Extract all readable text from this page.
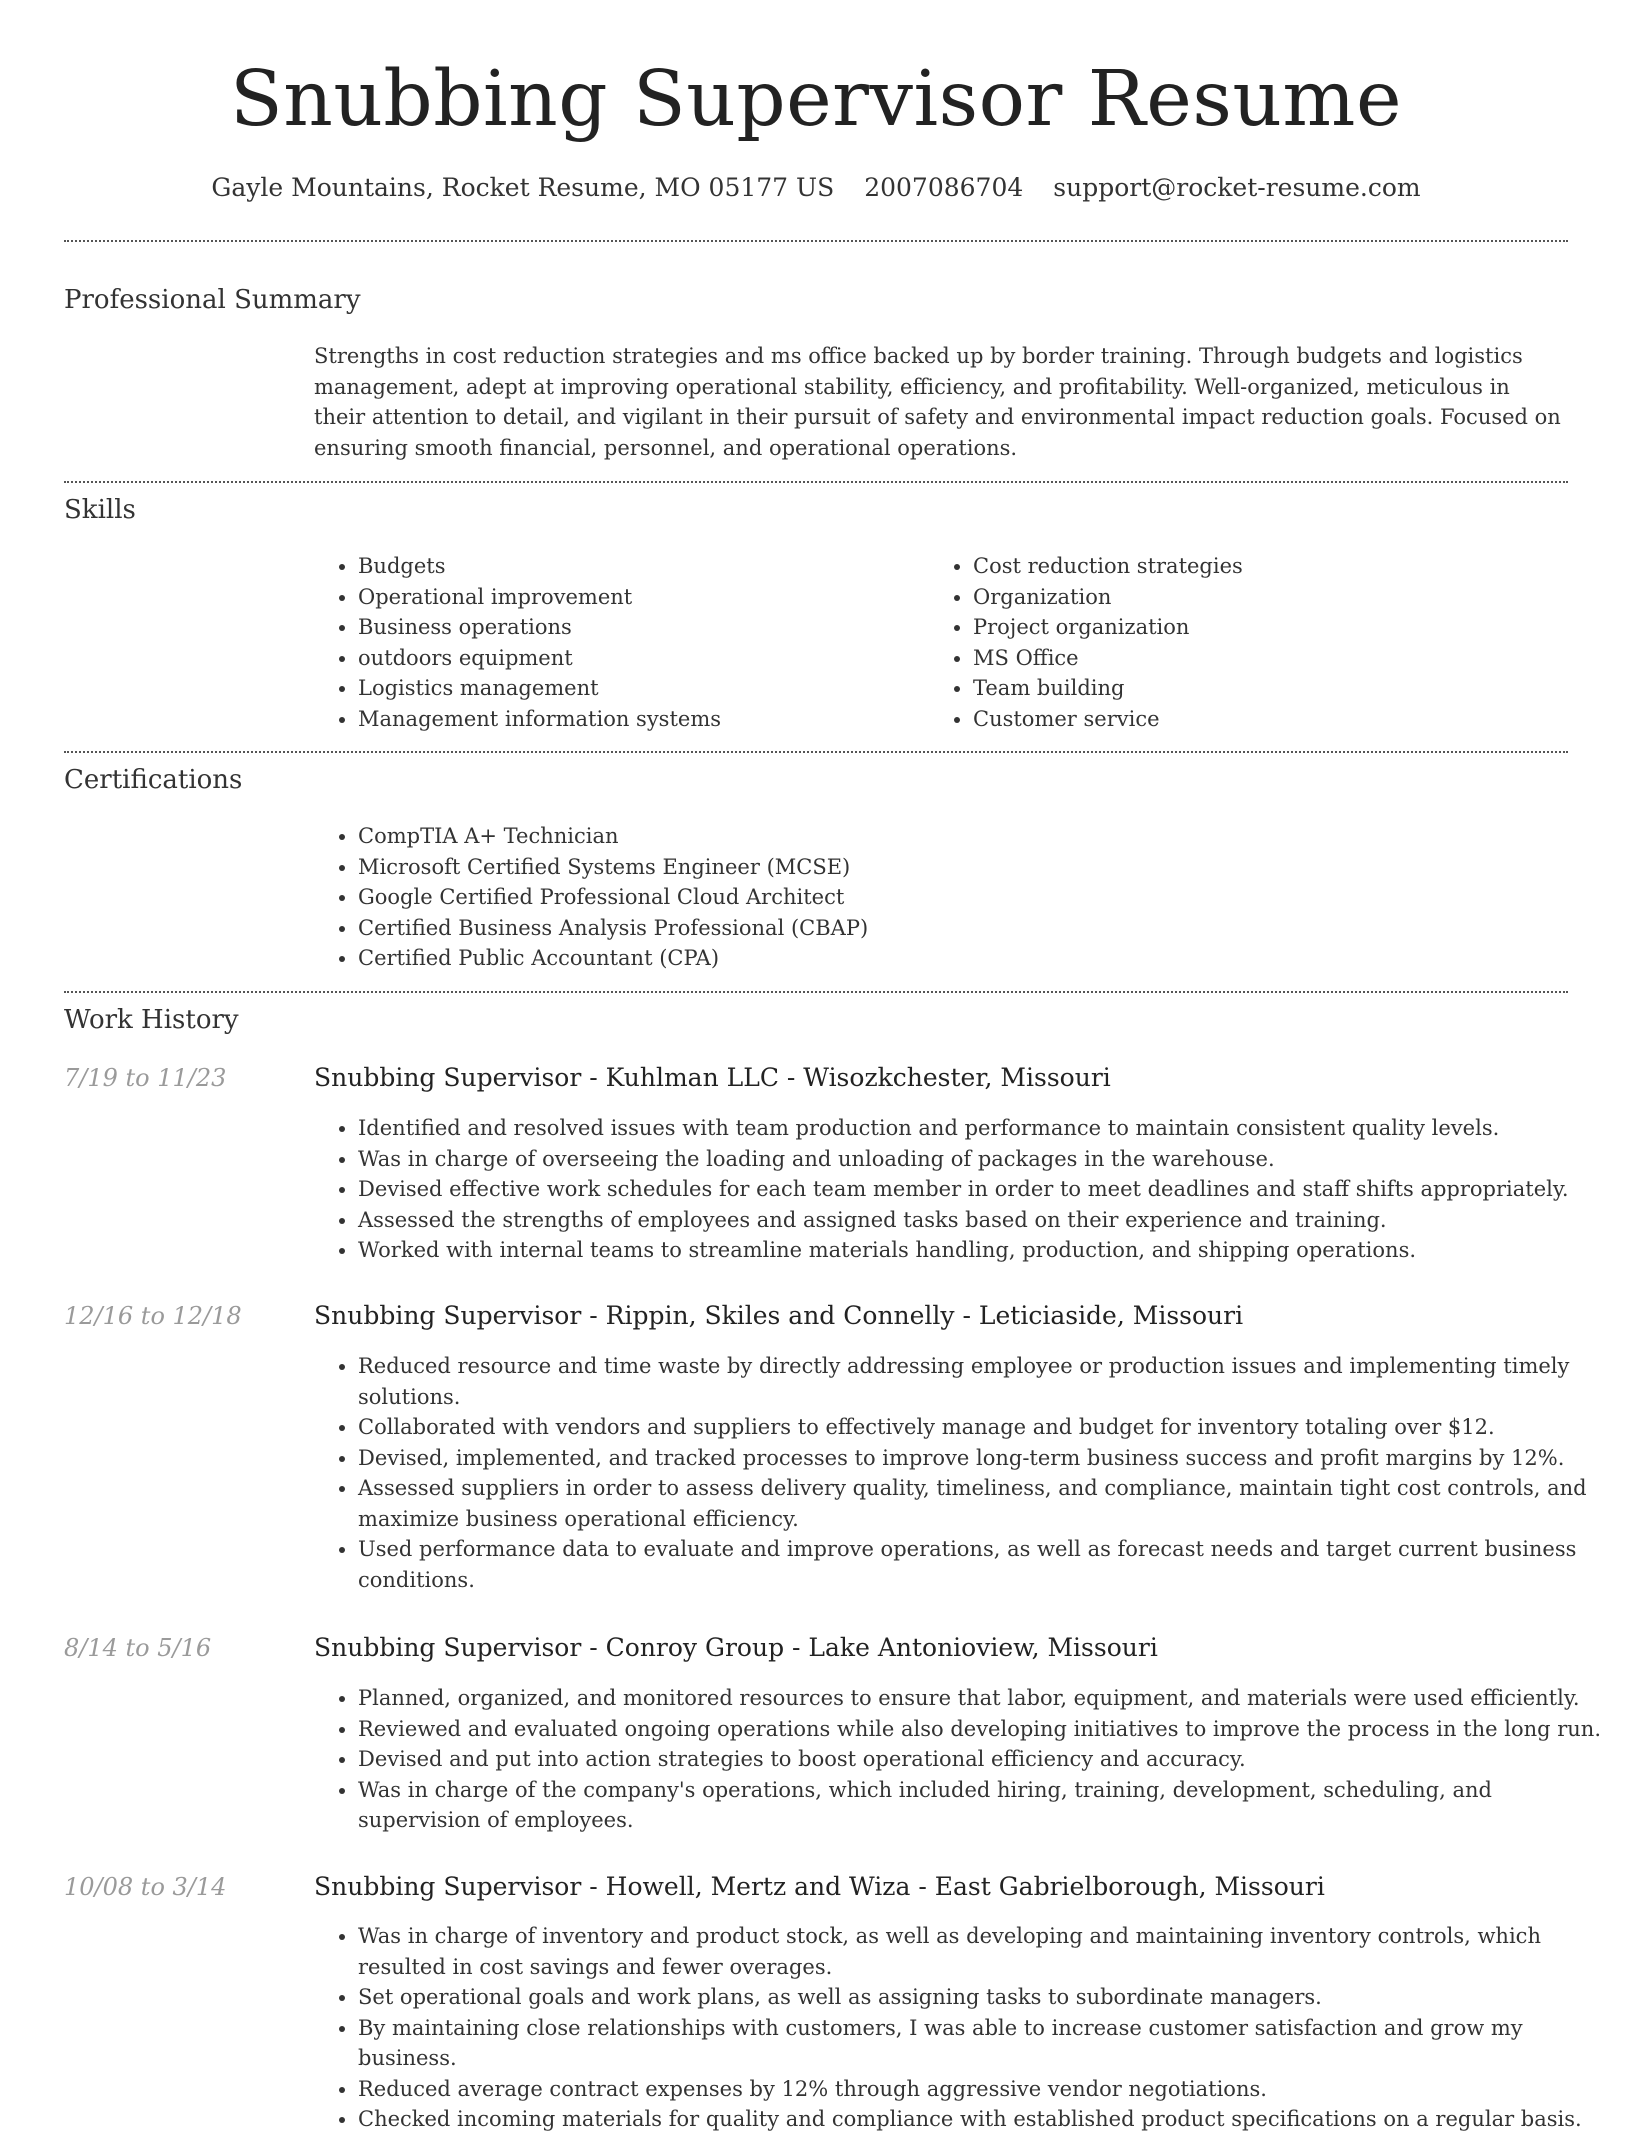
Snubbing Supervisor Resume
Gayle Mountains, Rocket Resume, MO 05177 US 2007086704 support@rocket-resume.com
Professional Summary

Strengths in cost reduction strategies and ms office backed up by border training. Through budgets and logistics management, adept at improving operational stability, efficiency, and profitability. Well-organized, meticulous in their attention to detail, and vigilant in their pursuit of safety and environmental impact reduction goals. Focused on ensuring smooth financial, personnel, and operational operations.

Skills
• Budgets
• Operational improvement
• Business operations
• outdoors equipment
• Logistics management
• Management information systems
• Cost reduction strategies
• Organization
• Project organization
• MS Office
• Team building
• Customer service
Certifications
• CompTIA A+ Technician
• Microsoft Certified Systems Engineer (MCSE)
• Google Certified Professional Cloud Architect
• Certified Business Analysis Professional (CBAP)
• Certified Public Accountant (CPA)
Work History
7/19 to 11/23	Snubbing Supervisor - Kuhlman LLC - Wisozkchester, Missouri
• Identified and resolved issues with team production and performance to maintain consistent quality levels.
• Was in charge of overseeing the loading and unloading of packages in the warehouse.
• Devised effective work schedules for each team member in order to meet deadlines and staff shifts appropriately.
• Assessed the strengths of employees and assigned tasks based on their experience and training.
• Worked with internal teams to streamline materials handling, production, and shipping operations.
12/16 to 12/18	Snubbing Supervisor - Rippin, Skiles and Connelly - Leticiaside, Missouri
• Reduced resource and time waste by directly addressing employee or production issues and implementing timely solutions.
• Collaborated with vendors and suppliers to effectively manage and budget for inventory totaling over $12.
• Devised, implemented, and tracked processes to improve long-term business success and profit margins by 12%.
• Assessed suppliers in order to assess delivery quality, timeliness, and compliance, maintain tight cost controls, and maximize business operational efficiency.
• Used performance data to evaluate and improve operations, as well as forecast needs and target current business conditions.
8/14 to 5/16	Snubbing Supervisor - Conroy Group - Lake Antonioview, Missouri
• Planned, organized, and monitored resources to ensure that labor, equipment, and materials were used efficiently.
• Reviewed and evaluated ongoing operations while also developing initiatives to improve the process in the long run.
• Devised and put into action strategies to boost operational efficiency and accuracy.
• Was in charge of the company's operations, which included hiring, training, development, scheduling, and supervision of employees.
10/08 to 3/14	Snubbing Supervisor - Howell, Mertz and Wiza - East Gabrielborough, Missouri
• Was in charge of inventory and product stock, as well as developing and maintaining inventory controls, which resulted in cost savings and fewer overages.
• Set operational goals and work plans, as well as assigning tasks to subordinate managers.
• By maintaining close relationships with customers, I was able to increase customer satisfaction and grow my business.
• Reduced average contract expenses by 12% through aggressive vendor negotiations.
• Checked incoming materials for quality and compliance with established product specifications on a regular basis.
